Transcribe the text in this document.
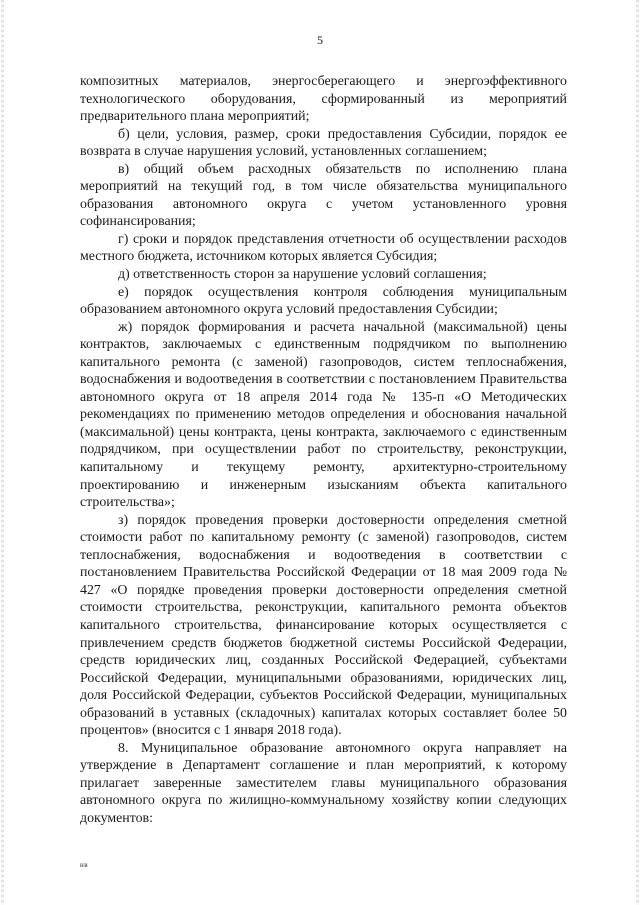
5

композитных материалов, энергосберегающего и энергоэффективного технологического оборудования, сформированный из мероприятий предварительного плана мероприятий;

б) цели, условия, размер, сроки предоставления Субсидии, порядок ее возврата в случае нарушения условий, установленных соглашением;

в) общий объем расходных обязательств по исполнению плана мероприятий на текущий год, в том числе обязательства муниципального образования автономного округа с учетом установленного уровня софинансирования;

г) сроки и порядок представления отчетности об осуществлении расходов местного бюджета, источником которых является Субсидия;

д) ответственность сторон за нарушение условий соглашения;

е) порядок осуществления контроля соблюдения муниципальным образованием автономного округа условий предоставления Субсидии;

ж) порядок формирования и расчета начальной (максимальной) цены контрактов, заключаемых с единственным подрядчиком по выполнению капитального ремонта (с заменой) газопроводов, систем теплоснабжения, водоснабжения и водоотведения в соответствии с постановлением Правительства автономного округа от 18 апреля 2014 года № 135-п «О Методических рекомендациях по применению методов определения и обоснования начальной (максимальной) цены контракта, цены контракта, заключаемого с единственным подрядчиком, при осуществлении работ по строительству, реконструкции, капитальному и текущему ремонту, архитектурно-строительному проектированию и инженерным изысканиям объекта капитального строительства»;

з) порядок проведения проверки достоверности определения сметной стоимости работ по капитальному ремонту (с заменой) газопроводов, систем теплоснабжения, водоснабжения и водоотведения в соответствии с постановлением Правительства Российской Федерации от 18 мая 2009 года № 427 «О порядке проведения проверки достоверности определения сметной стоимости строительства, реконструкции, капитального ремонта объектов капитального строительства, финансирование которых осуществляется с привлечением средств бюджетов бюджетной системы Российской Федерации, средств юридических лиц, созданных Российской Федерацией, субъектами Российской Федерации, муниципальными образованиями, юридических лиц, доля Российской Федерации, субъектов Российской Федерации, муниципальных образований в уставных (складочных) капиталах которых составляет более 50 процентов» (вносится с 1 января 2018 года).

8. Муниципальное образование автономного округа направляет на утверждение в Департамент соглашение и план мероприятий, к которому прилагает заверенные заместителем главы муниципального образования автономного округа по жилищно-коммунальному хозяйству копии следующих документов:

нв
